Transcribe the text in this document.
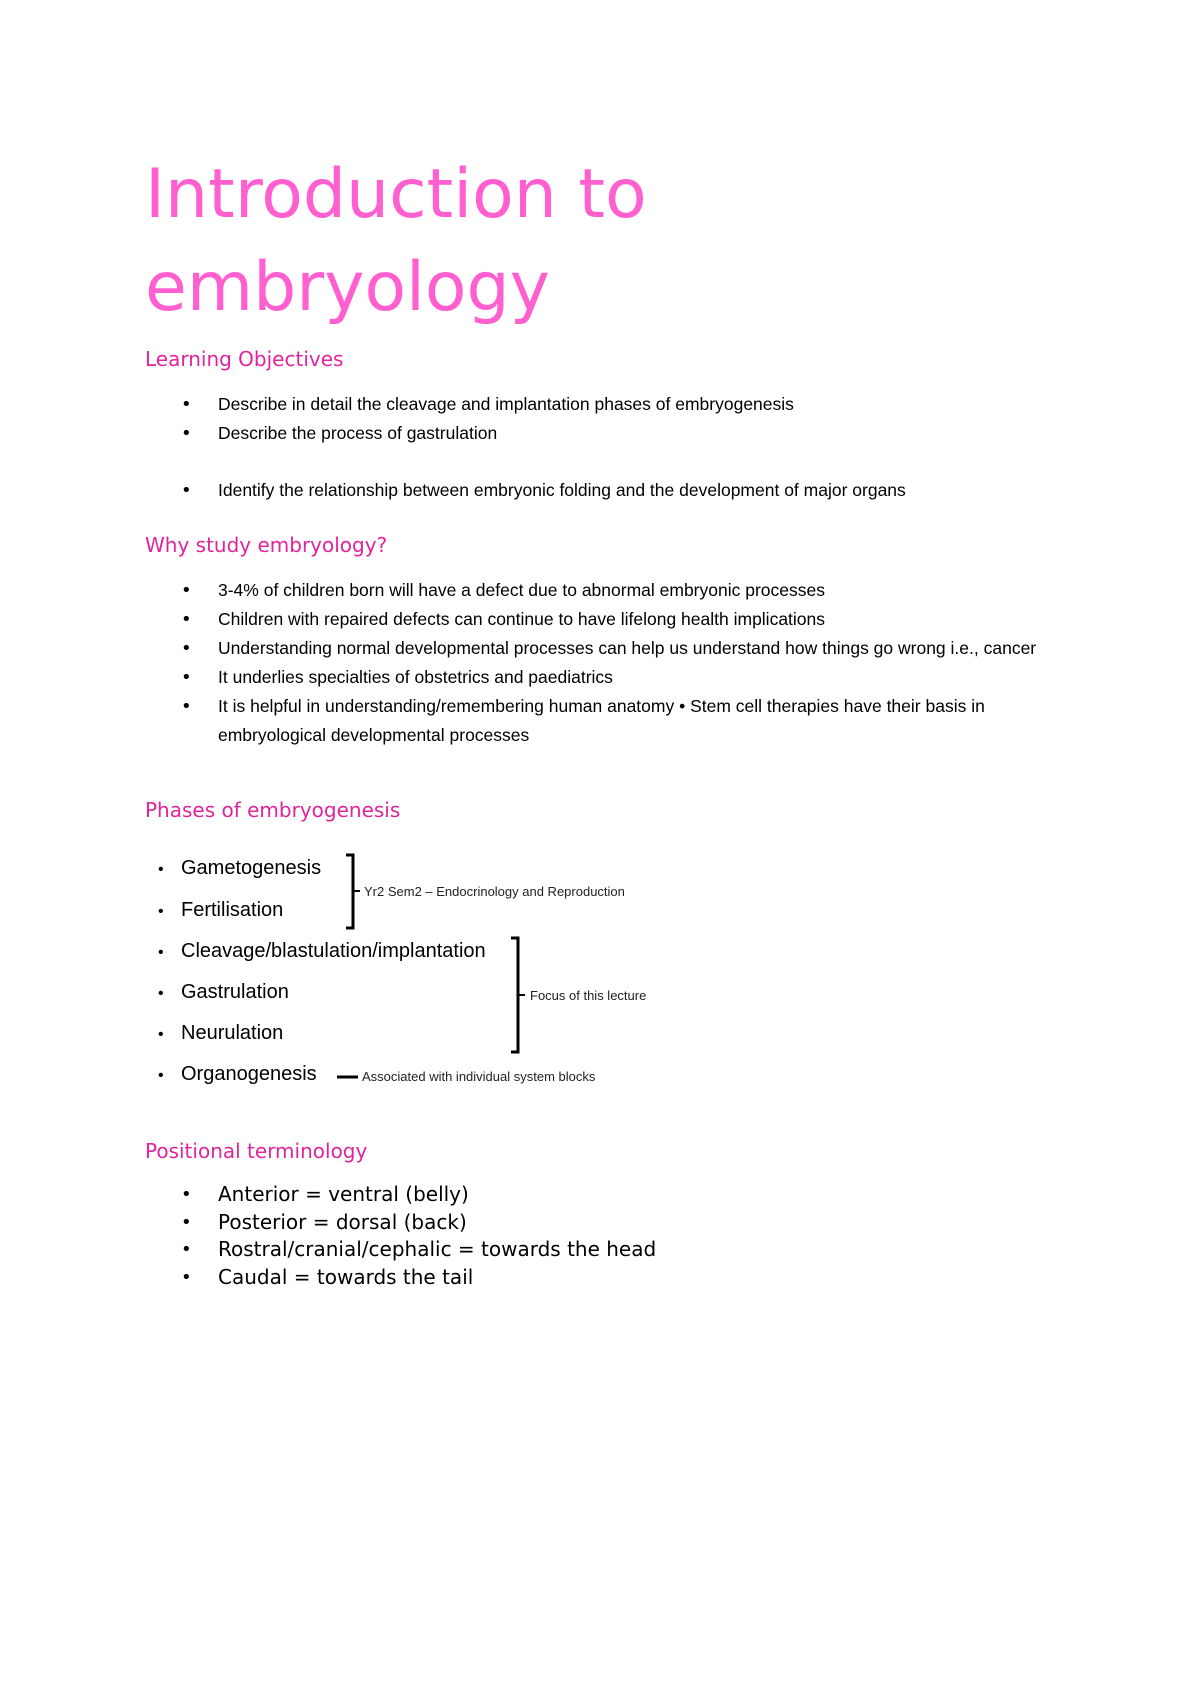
Introduction to embryology
Learning Objectives
• Describe in detail the cleavage and implantation phases of embryogenesis
• Describe the process of gastrulation
• Identify the relationship between embryonic folding and the development of major organs
Why study embryology?
• 3-4% of children born will have a defect due to abnormal embryonic processes
• Children with repaired defects can continue to have lifelong health implications
• Understanding normal developmental processes can help us understand how things go wrong i.e., cancer
• It underlies specialties of obstetrics and paediatrics
• It is helpful in understanding/remembering human anatomy • Stem cell therapies have their basis in embryological developmental processes
Phases of embryogenesis

• Gametogenesis

• Fertilisation

• Cleavage/blastulation/implantation

• Gastrulation

• Neurulation

• Organogenesis

Yr2 Sem2 – Endocrinology and Reproduction

Focus of this lecture

Associated with individual system blocks

Positional terminology
• Anterior = ventral (belly)
• Posterior = dorsal (back)
• Rostral/cranial/cephalic = towards the head
• Caudal = towards the tail
